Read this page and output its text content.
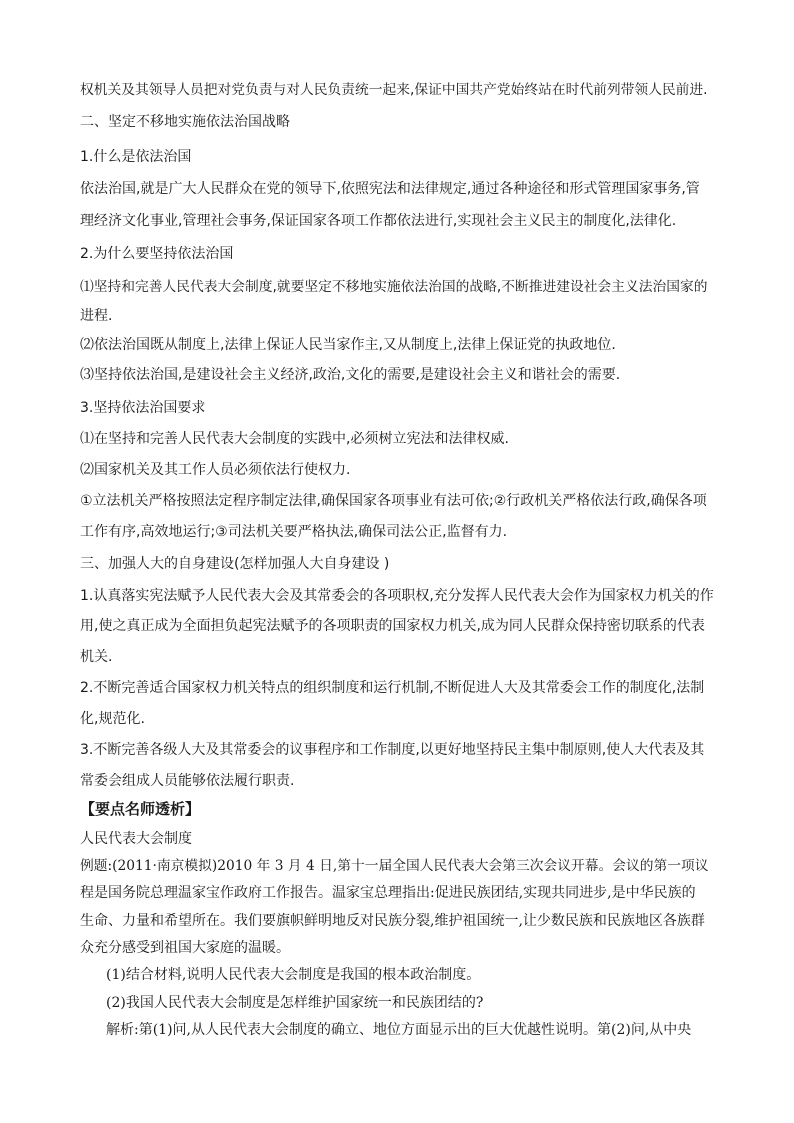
权机关及其领导人员把对党负责与对人民负责统一起来,保证中国共产党始终站在时代前列带领人民前进.
二、坚定不移地实施依法治国战略
1.什么是依法治国
依法治国,就是广大人民群众在党的领导下,依照宪法和法律规定,通过各种途径和形式管理国家事务,管
理经济文化事业,管理社会事务,保证国家各项工作都依法进行,实现社会主义民主的制度化,法律化.
2.为什么要坚持依法治国
⑴坚持和完善人民代表大会制度,就要坚定不移地实施依法治国的战略,不断推进建设社会主义法治国家的
进程.
⑵依法治国既从制度上,法律上保证人民当家作主,又从制度上,法律上保证党的执政地位.
⑶坚持依法治国,是建设社会主义经济,政治,文化的需要,是建设社会主义和谐社会的需要.
3.坚持依法治国要求
⑴在坚持和完善人民代表大会制度的实践中,必须树立宪法和法律权威.
⑵国家机关及其工作人员必须依法行使权力.
①立法机关严格按照法定程序制定法律,确保国家各项事业有法可依;②行政机关严格依法行政,确保各项
工作有序,高效地运行;③司法机关要严格执法,确保司法公正,监督有力.
三、加强人大的自身建设(怎样加强人大自身建设 )
1.认真落实宪法赋予人民代表大会及其常委会的各项职权,充分发挥人民代表大会作为国家权力机关的作
用,使之真正成为全面担负起宪法赋予的各项职责的国家权力机关,成为同人民群众保持密切联系的代表
机关.
2.不断完善适合国家权力机关特点的组织制度和运行机制,不断促进人大及其常委会工作的制度化,法制
化,规范化.
3.不断完善各级人大及其常委会的议事程序和工作制度,以更好地坚持民主集中制原则,使人大代表及其
常委会组成人员能够依法履行职责.
【要点名师透析】
人民代表大会制度
例题:(2011·南京模拟)2010 年 3 月 4 日,第十一届全国人民代表大会第三次会议开幕。会议的第一项议
程是国务院总理温家宝作政府工作报告。温家宝总理指出:促进民族团结,实现共同进步,是中华民族的
生命、力量和希望所在。我们要旗帜鲜明地反对民族分裂,维护祖国统一,让少数民族和民族地区各族群
众充分感受到祖国大家庭的温暖。
(1)结合材料,说明人民代表大会制度是我国的根本政治制度。
(2)我国人民代表大会制度是怎样维护国家统一和民族团结的?
解析:第(1)问,从人民代表大会制度的确立、地位方面显示出的巨大优越性说明。第(2)问,从中央
